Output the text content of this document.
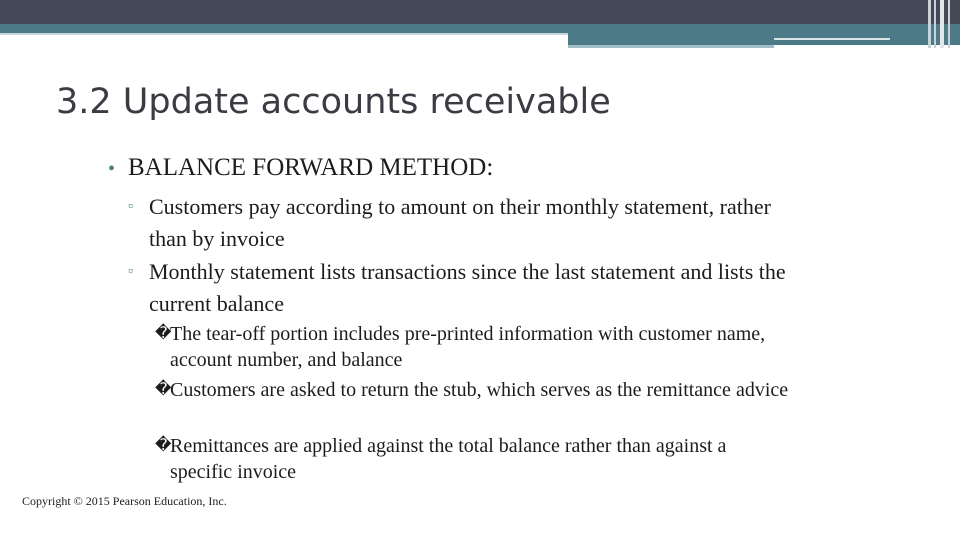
3.2 Update accounts receivable
• BALANCE FORWARD METHOD:
▫ Customers pay according to amount on their monthly statement, rather than by invoice
▫ Monthly statement lists transactions since the last statement and lists the current balance
�
The tear-off portion includes pre-printed information with customer name, account number, and balance
�
Customers are asked to return the stub, which serves as the remittance advice
�
Remittances are applied against the total balance rather than against a specific invoice
Copyright © 2015 Pearson Education, Inc.
